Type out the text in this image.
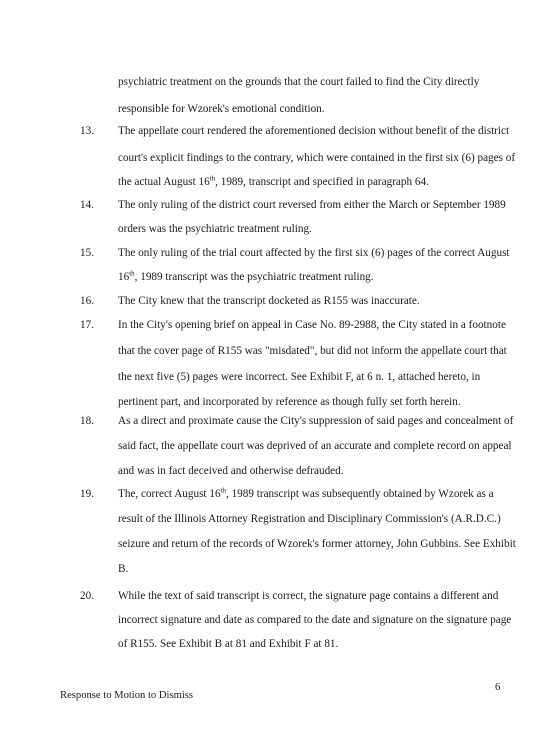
psychiatric treatment on the grounds that the court failed to find the City directly
responsible for Wzorek's emotional condition.
13. The appellate court rendered the aforementioned decision without benefit of the district
court's explicit findings to the contrary, which were contained in the first six (6) pages of
the actual August 16th, 1989, transcript and specified in paragraph 64.
14. The only ruling of the district court reversed from either the March or September 1989
orders was the psychiatric treatment ruling.
15. The only ruling of the trial court affected by the first six (6) pages of the correct August
16th, 1989 transcript was the psychiatric treatment ruling.
16. The City knew that the transcript docketed as R155 was inaccurate.
17. In the City's opening brief on appeal in Case No. 89-2988, the City stated in a footnote
that the cover page of R155 was "misdated", but did not inform the appellate court that
the next five (5) pages were incorrect. See Exhibit F, at 6 n. 1, attached hereto, in
pertinent part, and incorporated by reference as though fully set forth herein.
18. As a direct and proximate cause the City's suppression of said pages and concealment of
said fact, the appellate court was deprived of an accurate and complete record on appeal
and was in fact deceived and otherwise defrauded.
19. The, correct August 16th, 1989 transcript was subsequently obtained by Wzorek as a
result of the Illinois Attorney Registration and Disciplinary Commission's (A.R.D.C.)
seizure and return of the records of Wzorek's former attorney, John Gubbins. See Exhibit
B.
20. While the text of said transcript is correct, the signature page contains a different and
incorrect signature and date as compared to the date and signature on the signature page
of R155. See Exhibit B at 81 and Exhibit F at 81.
Response to Motion to Dismiss
6
